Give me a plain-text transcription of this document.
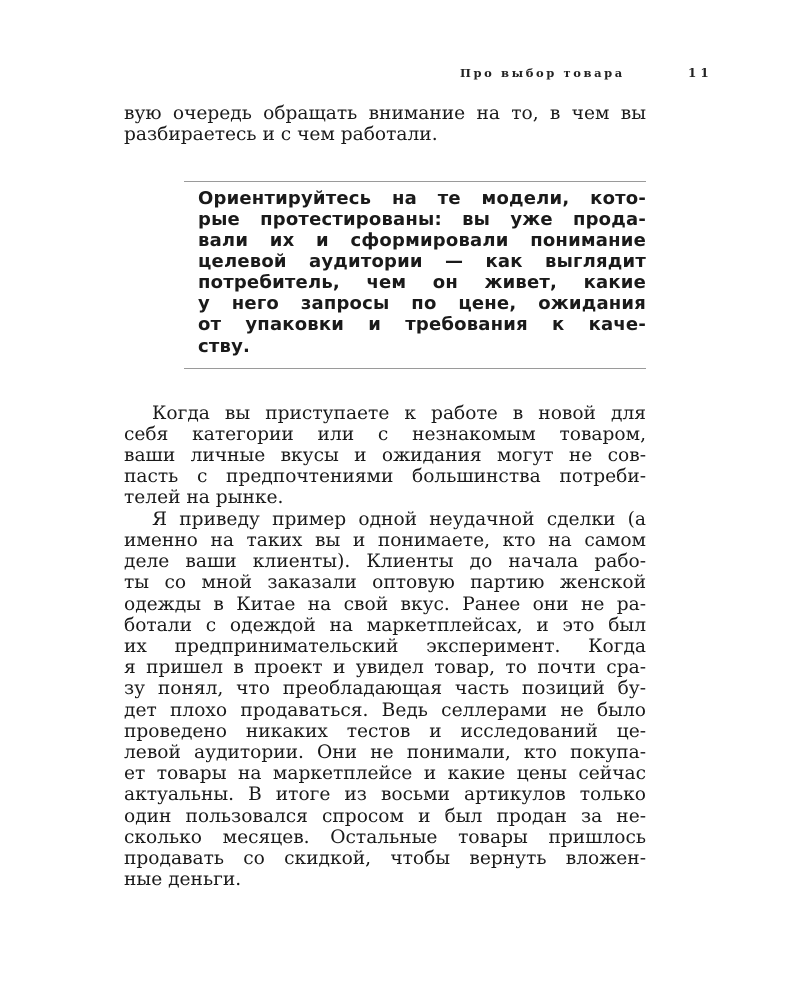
Про выбор товара	11
вую очередь обращать внимание на то, в чем вы
разбираетесь и с чем работали.
Ориентируйтесь на те модели, кото-
рые протестированы: вы уже прода-
вали их и сформировали понимание
целевой аудитории — как выглядит
потребитель, чем он живет, какие
у него запросы по цене, ожидания
от упаковки и требования к каче-
ству.
Когда вы приступаете к работе в новой для
себя категории или с незнакомым товаром,
ваши личные вкусы и ожидания могут не сов-
пасть с предпочтениями большинства потреби-
телей на рынке.
Я приведу пример одной неудачной сделки (а
именно на таких вы и понимаете, кто на самом
деле ваши клиенты). Клиенты до начала рабо-
ты со мной заказали оптовую партию женской
одежды в Китае на свой вкус. Ранее они не ра-
ботали с одеждой на маркетплейсах, и это был
их предпринимательский эксперимент. Когда
я пришел в проект и увидел товар, то почти сра-
зу понял, что преобладающая часть позиций бу-
дет плохо продаваться. Ведь селлерами не было
проведено никаких тестов и исследований це-
левой аудитории. Они не понимали, кто покупа-
ет товары на маркетплейсе и какие цены сейчас
актуальны. В итоге из восьми артикулов только
один пользовался спросом и был продан за не-
сколько месяцев. Остальные товары пришлось
продавать со скидкой, чтобы вернуть вложен-
ные деньги.
